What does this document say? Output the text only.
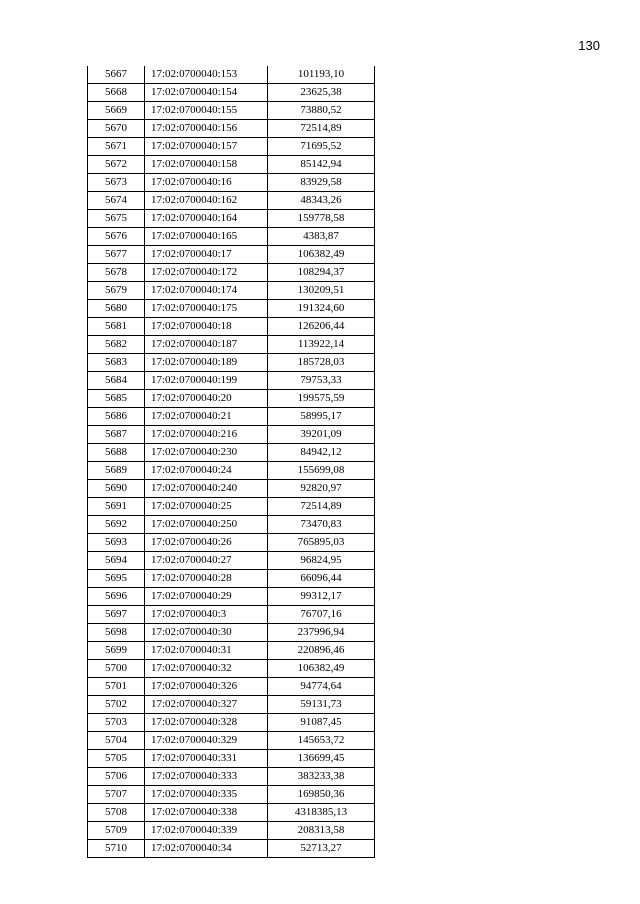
130
5667	17:02:0700040:153	101193,10
5668	17:02:0700040:154	23625,38
5669	17:02:0700040:155	73880,52
5670	17:02:0700040:156	72514,89
5671	17:02:0700040:157	71695,52
5672	17:02:0700040:158	85142,94
5673	17:02:0700040:16	83929,58
5674	17:02:0700040:162	48343,26
5675	17:02:0700040:164	159778,58
5676	17:02:0700040:165	4383,87
5677	17:02:0700040:17	106382,49
5678	17:02:0700040:172	108294,37
5679	17:02:0700040:174	130209,51
5680	17:02:0700040:175	191324,60
5681	17:02:0700040:18	126206,44
5682	17:02:0700040:187	113922,14
5683	17:02:0700040:189	185728,03
5684	17:02:0700040:199	79753,33
5685	17:02:0700040:20	199575,59
5686	17:02:0700040:21	58995,17
5687	17:02:0700040:216	39201,09
5688	17:02:0700040:230	84942,12
5689	17:02:0700040:24	155699,08
5690	17:02:0700040:240	92820,97
5691	17:02:0700040:25	72514,89
5692	17:02:0700040:250	73470,83
5693	17:02:0700040:26	765895,03
5694	17:02:0700040:27	96824,95
5695	17:02:0700040:28	66096,44
5696	17:02:0700040:29	99312,17
5697	17:02:0700040:3	76707,16
5698	17:02:0700040:30	237996,94
5699	17:02:0700040:31	220896,46
5700	17:02:0700040:32	106382,49
5701	17:02:0700040:326	94774,64
5702	17:02:0700040:327	59131,73
5703	17:02:0700040:328	91087,45
5704	17:02:0700040:329	145653,72
5705	17:02:0700040:331	136699,45
5706	17:02:0700040:333	383233,38
5707	17:02:0700040:335	169850,36
5708	17:02:0700040:338	4318385,13
5709	17:02:0700040:339	208313,58
5710	17:02:0700040:34	52713,27
